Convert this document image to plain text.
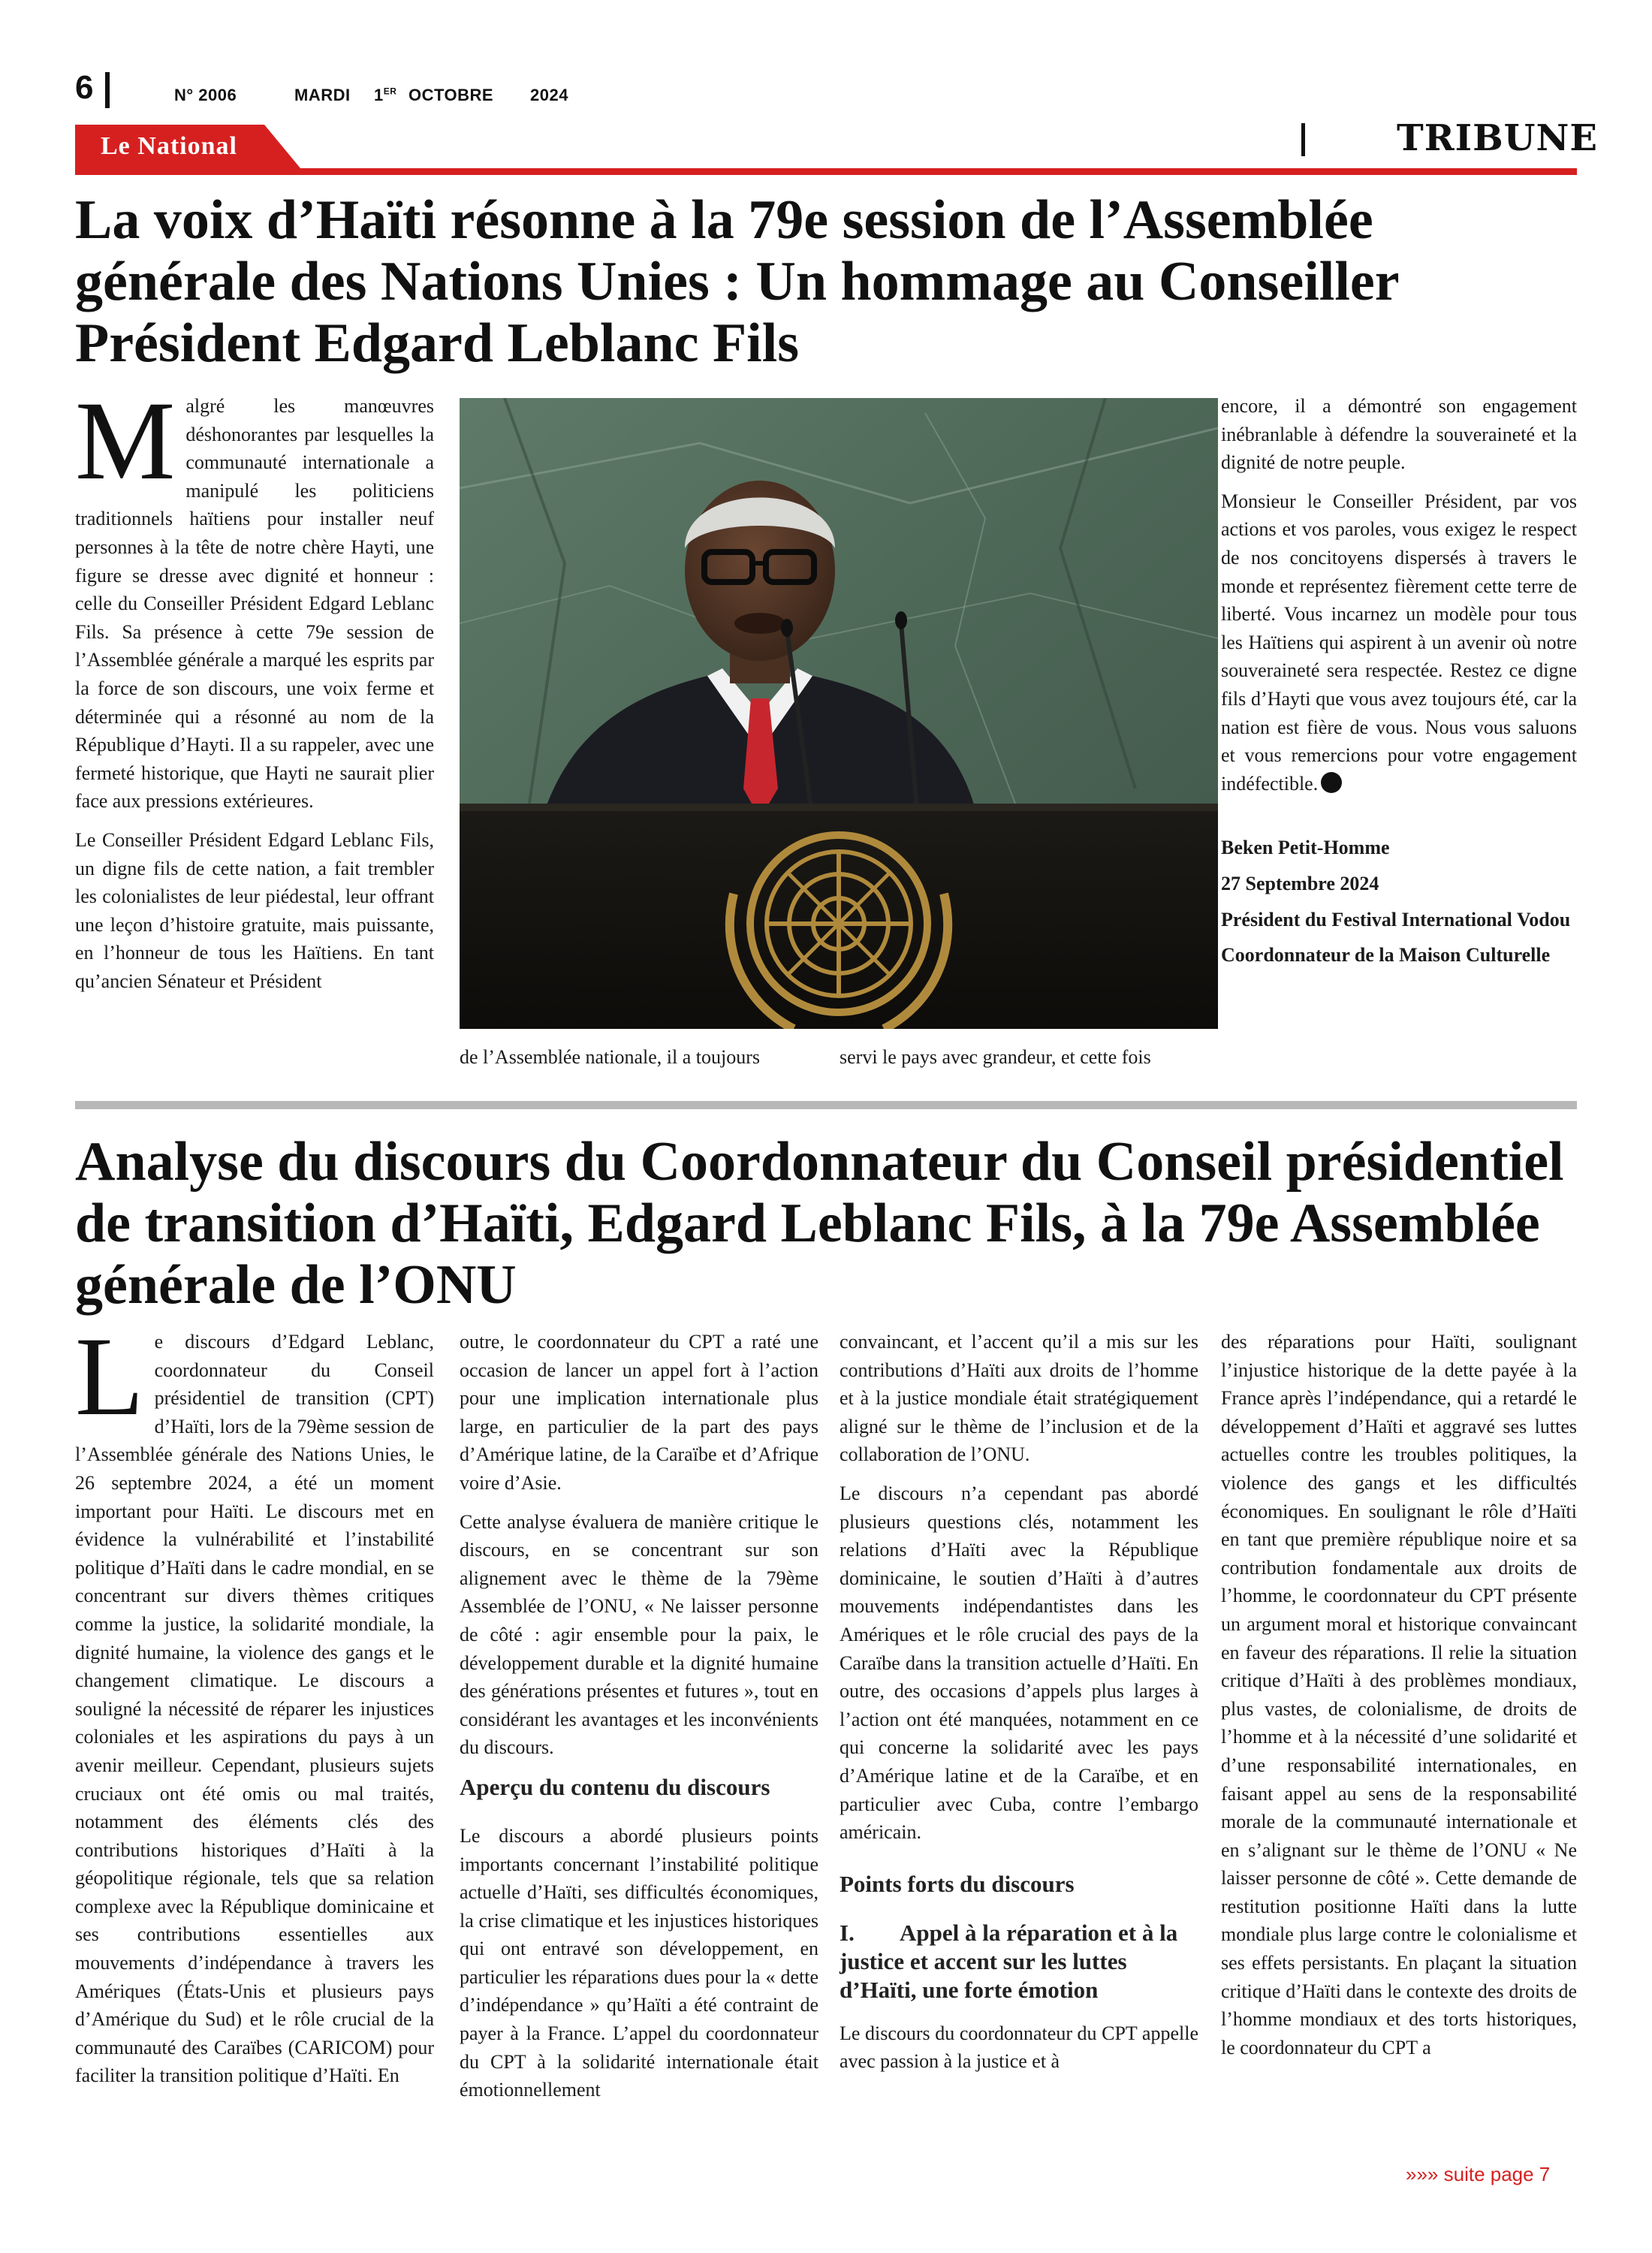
6	N° 2006	MARDI 1ER OCTOBRE 2024
Le National	TRIBUNE
La voix d’Haïti résonne à la 79e session de l’Assemblée générale des Nations Unies : Un hommage au Conseiller Président Edgard Leblanc Fils
M algré les manœuvres déshonorantes par lesquelles la communauté internationale a manipulé les politiciens traditionnels haïtiens pour installer neuf personnes à la tête de notre chère Hayti, une figure se dresse avec dignité et honneur : celle du Conseiller Président Edgard Leblanc Fils. Sa présence à cette 79e session de l’Assemblée générale a marqué les esprits par la force de son discours, une voix ferme et déterminée qui a résonné au nom de la République d’Hayti. Il a su rappeler, avec une fermeté historique, que Hayti ne saurait plier face aux pressions extérieures.

Le Conseiller Président Edgard Leblanc Fils, un digne fils de cette nation, a fait trembler les colonialistes de leur piédestal, leur offrant une leçon d’histoire gratuite, mais puissante, en l’honneur de tous les Haïtiens. En tant qu’ancien Sénateur et Président

de l’Assemblée nationale, il a toujours	servi le pays avec grandeur, et cette fois

encore, il a démontré son engagement inébranlable à défendre la souveraineté et la dignité de notre peuple.

Monsieur le Conseiller Président, par vos actions et vos paroles, vous exigez le respect de nos concitoyens dispersés à travers le monde et représentez fièrement cette terre de liberté. Vous incarnez un modèle pour tous les Haïtiens qui aspirent à un avenir où notre souveraineté sera respectée. Restez ce digne fils d’Hayti que vous avez toujours été, car la nation est fière de vous. Nous vous saluons et vous remercions pour votre engagement indéfectible.

Beken Petit-Homme

27 Septembre 2024

Président du Festival International Vodou

Coordonnateur de la Maison Culturelle

Analyse du discours du Coordonnateur du Conseil présidentiel de transition d’Haïti, Edgard Leblanc Fils, à la 79e Assemblée générale de l’ONU
L e discours d’Edgard Leblanc, coordonnateur du Conseil présidentiel de transition (CPT) d’Haïti, lors de la 79ème session de l’Assemblée générale des Nations Unies, le 26 septembre 2024, a été un moment important pour Haïti. Le discours met en évidence la vulnérabilité et l’instabilité politique d’Haïti dans le cadre mondial, en se concentrant sur divers thèmes critiques comme la justice, la solidarité mondiale, la dignité humaine, la violence des gangs et le changement climatique. Le discours a souligné la nécessité de réparer les injustices coloniales et les aspirations du pays à un avenir meilleur. Cependant, plusieurs sujets cruciaux ont été omis ou mal traités, notamment des éléments clés des contributions historiques d’Haïti à la géopolitique régionale, tels que sa relation complexe avec la République dominicaine et ses contributions essentielles aux mouvements d’indépendance à travers les Amériques (États-Unis et plusieurs pays d’Amérique du Sud) et le rôle crucial de la communauté des Caraïbes (CARICOM) pour faciliter la transition politique d’Haïti. En

outre, le coordonnateur du CPT a raté une occasion de lancer un appel fort à l’action pour une implication internationale plus large, en particulier de la part des pays d’Amérique latine, de la Caraïbe et d’Afrique voire d’Asie.

Cette analyse évaluera de manière critique le discours, en se concentrant sur son alignement avec le thème de la 79ème Assemblée de l’ONU, « Ne laisser personne de côté : agir ensemble pour la paix, le développement durable et la dignité humaine des générations présentes et futures », tout en considérant les avantages et les inconvénients du discours.

Aperçu du contenu du discours

Le discours a abordé plusieurs points importants concernant l’instabilité politique actuelle d’Haïti, ses difficultés économiques, la crise climatique et les injustices historiques qui ont entravé son développement, en particulier les réparations dues pour la « dette d’indépendance » qu’Haïti a été contraint de payer à la France. L’appel du coordonnateur du CPT à la solidarité internationale était émotionnellement

convaincant, et l’accent qu’il a mis sur les contributions d’Haïti aux droits de l’homme et à la justice mondiale était stratégiquement aligné sur le thème de l’inclusion et de la collaboration de l’ONU.

Le discours n’a cependant pas abordé plusieurs questions clés, notamment les relations d’Haïti avec la République dominicaine, le soutien d’Haïti à d’autres mouvements indépendantistes dans les Amériques et le rôle crucial des pays de la Caraïbe dans la transition actuelle d’Haïti. En outre, des occasions d’appels plus larges à l’action ont été manquées, notamment en ce qui concerne la solidarité avec les pays d’Amérique latine et de la Caraïbe, et en particulier avec Cuba, contre l’embargo américain.

Points forts du discours
I. Appel à la réparation et à la justice et accent sur les luttes d’Haïti, une forte émotion

Le discours du coordonnateur du CPT appelle avec passion à la justice et à

des réparations pour Haïti, soulignant l’injustice historique de la dette payée à la France après l’indépendance, qui a retardé le développement d’Haïti et aggravé ses luttes actuelles contre les troubles politiques, la violence des gangs et les difficultés économiques. En soulignant le rôle d’Haïti en tant que première république noire et sa contribution fondamentale aux droits de l’homme, le coordonnateur du CPT présente un argument moral et historique convaincant en faveur des réparations. Il relie la situation critique d’Haïti à des problèmes mondiaux, plus vastes, de colonialisme, de droits de l’homme et à la nécessité d’une solidarité et d’une responsabilité internationales, en faisant appel au sens de la responsabilité morale de la communauté internationale et en s’alignant sur le thème de l’ONU « Ne laisser personne de côté ». Cette demande de restitution positionne Haïti dans la lutte mondiale plus large contre le colonialisme et ses effets persistants. En plaçant la situation critique d’Haïti dans le contexte des droits de l’homme mondiaux et des torts historiques, le coordonnateur du CPT a

»»» suite page 7
